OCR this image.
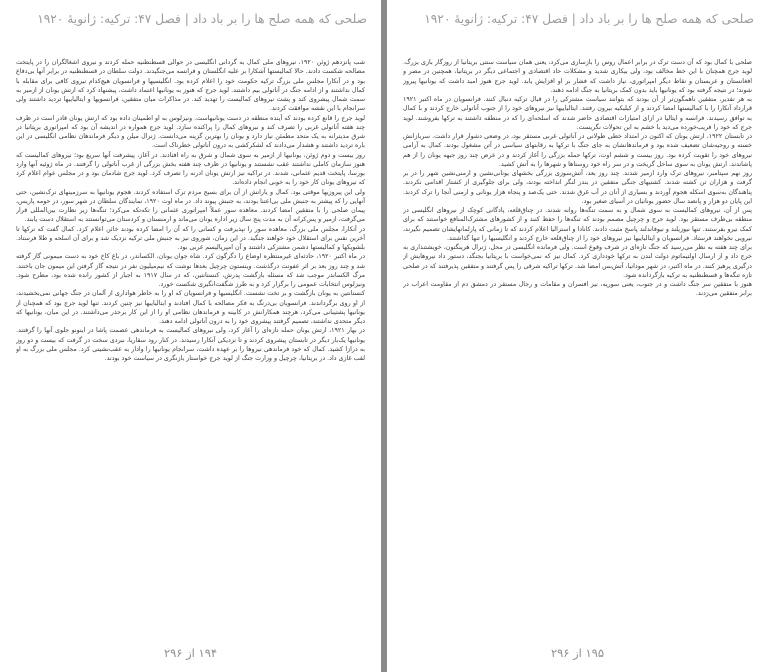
صلحی که همه صلح ها را بر باد داد | فصل ۴۷: ترکیه: ژانویهٔ ۱۹۲۰

شب پانزدهم ژوئن ۱۹۲۰، نیروهای ملی کمال به گردانی انگلیسی در حوالی قسطنطنیه حمله کردند و نیروی اشغالگران را در پایتخت مصالحه شکست دادند. حالا کمالیستها آشکارا بر علیه انگلستان و فرانسه می‌جنگیدند. دولت سلطان در قسطنطنیه در برابر آنها بی‌دفاع بود و در آنکارا مجلس ملی بزرگ ترکیه حکومت خود را اعلام کرده بود. انگلیسیها و فرانسویان هیچ‌کدام نیروی کافی برای مقابله با کمال نداشتند و از ادامه جنگ در آناتولی بیم داشتند. لوید جرج که هنوز به یونانیها اعتماد داشت، پیشنهاد کرد که ارتش یونان از ازمیر به سمت شمال پیشروی کند و پشت نیروهای کمالیست را تهدید کند. در مذاکرات میان متفقین، فرانسویها و ایتالیاییها تردید داشتند ولی سرانجام با این نقشه موافقت کردند.

لوید جرج را قانع کرده بودند که آینده منطقه در دست یونانیهاست. ونیزلوس به او اطمینان داده بود که ارتش یونان قادر است در ظرف چند هفته آناتولی غربی را تصرف کند و نیروهای کمال را پراکنده سازد. لوید جرج همواره در اندیشه آن بود که امپراتوری بریتانیا در شرق مدیترانه به یک متحد مطمئن نیاز دارد و یونان را بهترین گزینه می‌دانست. ژنرال میلن و دیگر فرماندهان نظامی انگلیسی در این باره تردید داشتند و هشدار می‌دادند که لشکرکشی به درون آناتولی خطرناک است.

روز بیست و دوم ژوئن، یونانیها از ازمیر به سوی شمال و شرق به راه افتادند. در آغاز، پیشرفت آنها سریع بود؛ نیروهای کمالیست که هنوز سازمان کاملی نداشتند عقب نشستند و یونانیها در ظرف چند هفته بخش بزرگی از غرب آناتولی را گرفتند. در ماه ژوئیه آنها وارد بورسا، پایتخت قدیم عثمانی، شدند. در تراکیه نیز ارتش یونان ادرنه را تصرف کرد. لوید جرج شادمان بود و در مجلس عوام اعلام کرد که نیروهای یونان کار خود را به خوبی انجام داده‌اند.

ولی این پیروزیها موقتی بود. کمال و یارانش از آن برای بسیج مردم ترک استفاده کردند. هجوم یونانیها به سرزمینهای ترک‌نشین، حتی آنهایی را که پیشتر به جنبش ملی بی‌اعتنا بودند، به جنبش پیوند داد. در ماه اوت ۱۹۲۰، نمایندگان سلطان در شهر سور، در حومه پاریس، پیمان صلحی را با متفقین امضا کردند. معاهده سور عملاً امپراتوری عثمانی را تکه‌تکه می‌کرد؛ تنگه‌ها زیر نظارت بین‌المللی قرار می‌گرفت، ازمیر و پس‌کرانه آن به مدت پنج سال زیر اداره یونان می‌ماند و ارمنستان و کردستان می‌توانستند به استقلال دست یابند.

در آنکارا، مجلس ملی بزرگ، معاهده سور را نپذیرفت و کسانی را که آن را امضا کرده بودند خائن اعلام کرد. کمال گفت که ترکها تا آخرین نفس برای استقلال خود خواهند جنگید. در این زمان، شوروی نیز به جنبش ملی ترکیه نزدیک شد و برای آن اسلحه و طلا فرستاد. بلشویکها و کمالیستها دشمن مشترکی داشتند و آن امپریالیسم غربی بود.

در ماه اکتبر ۱۹۲۰، حادثه‌ای غیرمنتظره اوضاع را دگرگون کرد. شاه جوان یونان، الکساندر، در باغ کاخ خود به دست میمونی گاز گرفته شد و چند روز بعد بر اثر عفونت درگذشت. وینستون چرچیل بعدها نوشت که نیم‌میلیون نفر در نتیجه گاز گرفتن این میمون جان باختند. مرگ الکساندر موجب شد که مسئله بازگشت پدرش، کنستانتین، که در سال ۱۹۱۷ به اجبار از کشور رانده شده بود، مطرح شود. ونیزلوس انتخابات عمومی را برگزار کرد و به طرز شگفت‌انگیزی شکست خورد.

کنستانتین به یونان بازگشت و بر تخت نشست. انگلیسیها و فرانسویان که او را به خاطر هواداری از آلمان در جنگ جهانی نمی‌بخشیدند، از او روی برگرداندند. فرانسویان بی‌درنگ به فکر مصالحه با کمال افتادند و ایتالیاییها نیز چنین کردند. تنها لوید جرج بود که همچنان از یونانیها پشتیبانی می‌کرد، هرچند همکارانش در کابینه و فرماندهان نظامی او را از این کار برحذر می‌داشتند. در این میان، یونانیها که دیگر متحدی نداشتند، تصمیم گرفتند پیشروی خود را به درون آناتولی ادامه دهند.

در بهار ۱۹۲۱، ارتش یونان حمله تازه‌ای را آغاز کرد، ولی نیروهای کمالیست به فرماندهی عصمت پاشا در اینونو جلوی آنها را گرفتند. یونانیها یک‌بار دیگر در تابستان پیشروی کردند و تا نزدیکی آنکارا رسیدند. در کنار رود سقاریا، نبردی سخت در گرفت که بیست و دو روز به درازا کشید. کمال که خود فرماندهی نیروها را بر عهده داشت، سرانجام یونانیها را وادار به عقب‌نشینی کرد. مجلس ملی بزرگ به او لقب غازی داد. در بریتانیا، چرچیل و وزارت جنگ از لوید جرج خواستار بازنگری در سیاست خود بودند.

۱۹۴ از ۲۹۶
صلحی که همه صلح ها را بر باد داد | فصل ۴۷: ترکیه: ژانویهٔ ۱۹۲۰

صلحی با کمال بود که آن دست ترک در برابر اعمال روس را بازسازی می‌کرد، یعنی همان سیاست سنتی بریتانیا از روزگار بازی بزرگ. لوید جرج همچنان با این خط مخالف بود، ولی بیکاری شدید و مشکلات حاد اقتصادی و اجتماعی دیگر در بریتانیا، همچنین در مصر و افغانستان و عربستان و نقاط دیگر امپراتوری، نیاز داشت که فشار بر او افزایش یابد. لوید جرج هنوز امید داشت که یونانیها پیروز شوند؛ در نتیجه گرفته بود که یونانیها باید بدون کمک بریتانیا به جنگ ادامه دهند.

به هر تقدیر، متفقین ناهمگون‌تر از آن بودند که بتوانند سیاست مشترکی را در قبال ترکیه دنبال کنند. فرانسویان در ماه اکتبر ۱۹۲۱ قرارداد آنکارا را با کمالیستها امضا کردند و از کیلیکیه بیرون رفتند. ایتالیاییها نیز نیروهای خود را از جنوب آناتولی خارج کردند و با کمال به توافق رسیدند. فرانسه و ایتالیا در ازای امتیازات اقتصادی حاضر شدند که اسلحه‌ای را که در منطقه داشتند به ترکها بفروشند. لوید جرج که خود را فریب‌خورده می‌دید با خشم به این تحولات نگریست.

در تابستان ۱۹۲۲، ارتش یونان که اکنون در امتداد خطی طولانی در آناتولی غربی مستقر بود، در وضعی دشوار قرار داشت. سربازانش خسته و روحیه‌شان تضعیف شده بود و فرماندهانشان به جای جنگ با ترکها به رقابتهای سیاسی در آتن مشغول بودند. کمال به آرامی نیروهای خود را تقویت کرده بود. روز بیست و ششم اوت، ترکها حمله بزرگی را آغاز کردند و در عرض چند روز جبهه یونان را از هم پاشاندند. ارتش یونان به سوی ساحل گریخت و در سر راه خود روستاها و شهرها را به آتش کشید.

روز نهم سپتامبر، نیروهای ترک وارد ازمیر شدند. چند روز بعد، آتش‌سوزی بزرگی بخشهای یونانی‌نشین و ارمنی‌نشین شهر را در بر گرفت و هزاران تن کشته شدند. کشتیهای جنگی متفقین در بندر لنگر انداخته بودند، ولی برای جلوگیری از کشتار اقدامی نکردند. پناهندگان به‌سوی اسکله هجوم آوردند و بسیاری از آنان در آب غرق شدند. حتی یک‌صد و پنجاه هزار یونانی و ارمنی آنجا را ترک کردند. این پایان دو هزار و پانصد سال حضور یونانیان در آسیای صغیر بود.

پس از آن، نیروهای کمالیست به سوی شمال و به سمت تنگه‌ها روانه شدند. در چناق‌قلعه، پادگانی کوچک از نیروهای انگلیسی در منطقه بی‌طرف مستقر بود. لوید جرج و چرچیل مصمم بودند که تنگه‌ها را حفظ کنند و از کشورهای مشترک‌المنافع خواستند که برای کمک نیرو بفرستند. تنها نیوزیلند و نیوفاندلند پاسخ مثبت دادند. کانادا و استرالیا اعلام کردند که تا زمانی که پارلمانهایشان تصمیم نگیرند، نیرویی نخواهند فرستاد. فرانسویان و ایتالیاییها نیز نیروهای خود را از چناق‌قلعه خارج کردند و انگلیسیها را تنها گذاشتند.

برای چند هفته به نظر می‌رسید که جنگ تازه‌ای در شرف وقوع است. ولی فرمانده انگلیسی در محل، ژنرال هرینگتون، خویشتنداری به خرج داد و از ارسال اولتیماتوم دولت لندن به ترکها خودداری کرد. کمال نیز که نمی‌خواست با بریتانیا بجنگد، دستور داد نیروهایش از درگیری پرهیز کنند. در ماه اکتبر، در شهر مودانیا، آتش‌بس امضا شد. ترکها تراکیه شرقی را پس گرفتند و متفقین پذیرفتند که در صلحی تازه تنگه‌ها و قسطنطنیه به ترکیه بازگردانده شود.

هنوز با متفقین سر جنگ داشت و در جنوب، یعنی سوریه، نیز افسران و مقامات و رجال مستقر در دمشق دم از مقاومت اعراب در برابر متفقین می‌زدند.

۱۹۵ از ۲۹۶
